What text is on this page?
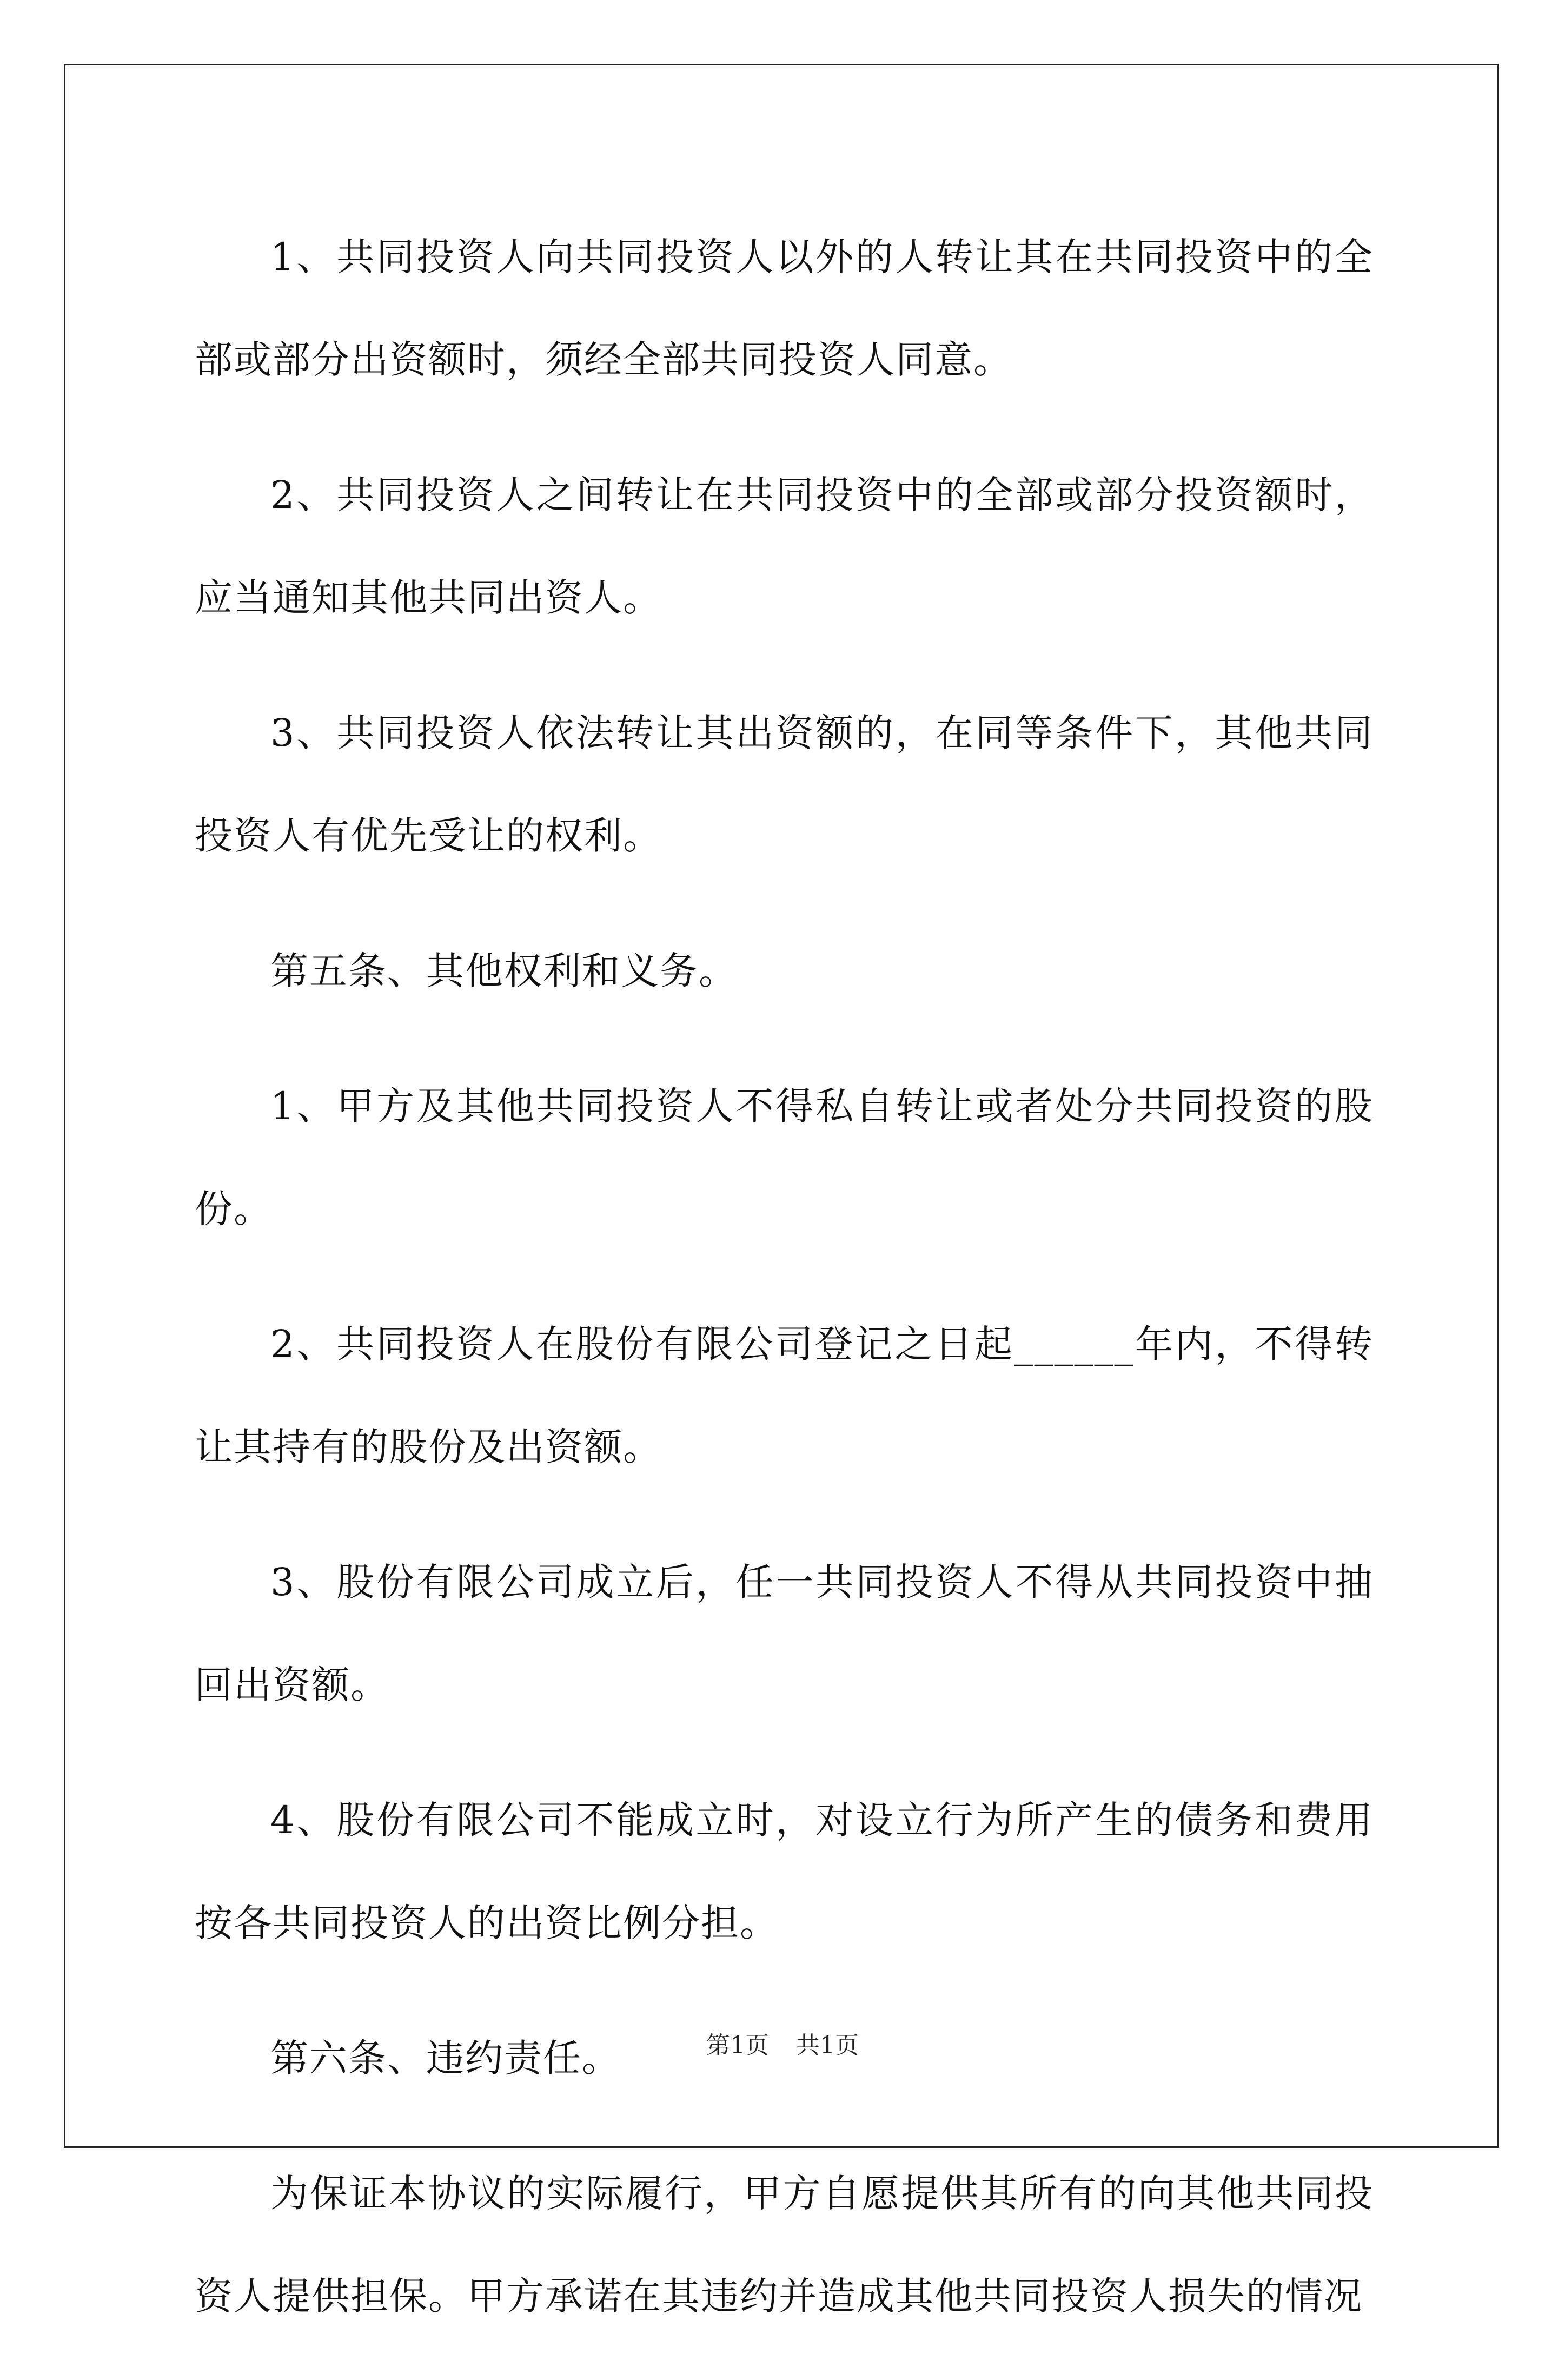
1、共同投资人向共同投资人以外的人转让其在共同投资中的全部或部分出资额时，须经全部共同投资人同意。

2、共同投资人之间转让在共同投资中的全部或部分投资额时，应当通知其他共同出资人。

3、共同投资人依法转让其出资额的，在同等条件下，其他共同投资人有优先受让的权利。

第五条、其他权利和义务。

1、甲方及其他共同投资人不得私自转让或者处分共同投资的股份。

2、共同投资人在股份有限公司登记之日起______年内，不得转让其持有的股份及出资额。

3、股份有限公司成立后，任一共同投资人不得从共同投资中抽回出资额。

4、股份有限公司不能成立时，对设立行为所产生的债务和费用按各共同投资人的出资比例分担。

第六条、违约责任。

为保证本协议的实际履行，甲方自愿提供其所有的向其他共同投资人提供担保。甲方承诺在其违约并造成其他共同投资人损失的情况

第1页 共1页
